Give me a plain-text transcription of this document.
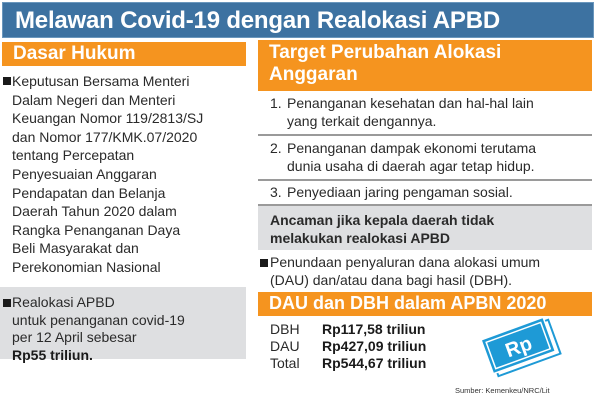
Melawan Covid-19 dengan Realokasi APBD
Dasar Hukum
Keputusan Bersama Menteri
Dalam Negeri dan Menteri
Keuangan Nomor 119/2813/SJ
dan Nomor 177/KMK.07/2020
tentang Percepatan
Penyesuaian Anggaran
Pendapatan dan Belanja
Daerah Tahun 2020 dalam
Rangka Penanganan Daya
Beli Masyarakat dan
Perekonomian Nasional
Realokasi APBD
untuk penanganan covid-19
per 12 April sebesar
Rp55 triliun.
Target Perubahan Alokasi Anggaran
1. Penanganan kesehatan dan hal-hal lain
yang terkait dengannya.
2. Penanganan dampak ekonomi terutama
dunia usaha di daerah agar tetap hidup.
3. Penyediaan jaring pengaman sosial.
Ancaman jika kepala daerah tidak
melakukan realokasi APBD
Penundaan penyaluran dana alokasi umum
(DAU) dan/atau dana bagi hasil (DBH).
DAU dan DBH dalam APBN 2020
DBH	Rp117,58 triliun
DAU	Rp427,09 triliun
Total	Rp544,67 triliun
Rp
Sumber: Kemenkeu/NRC/Lit
